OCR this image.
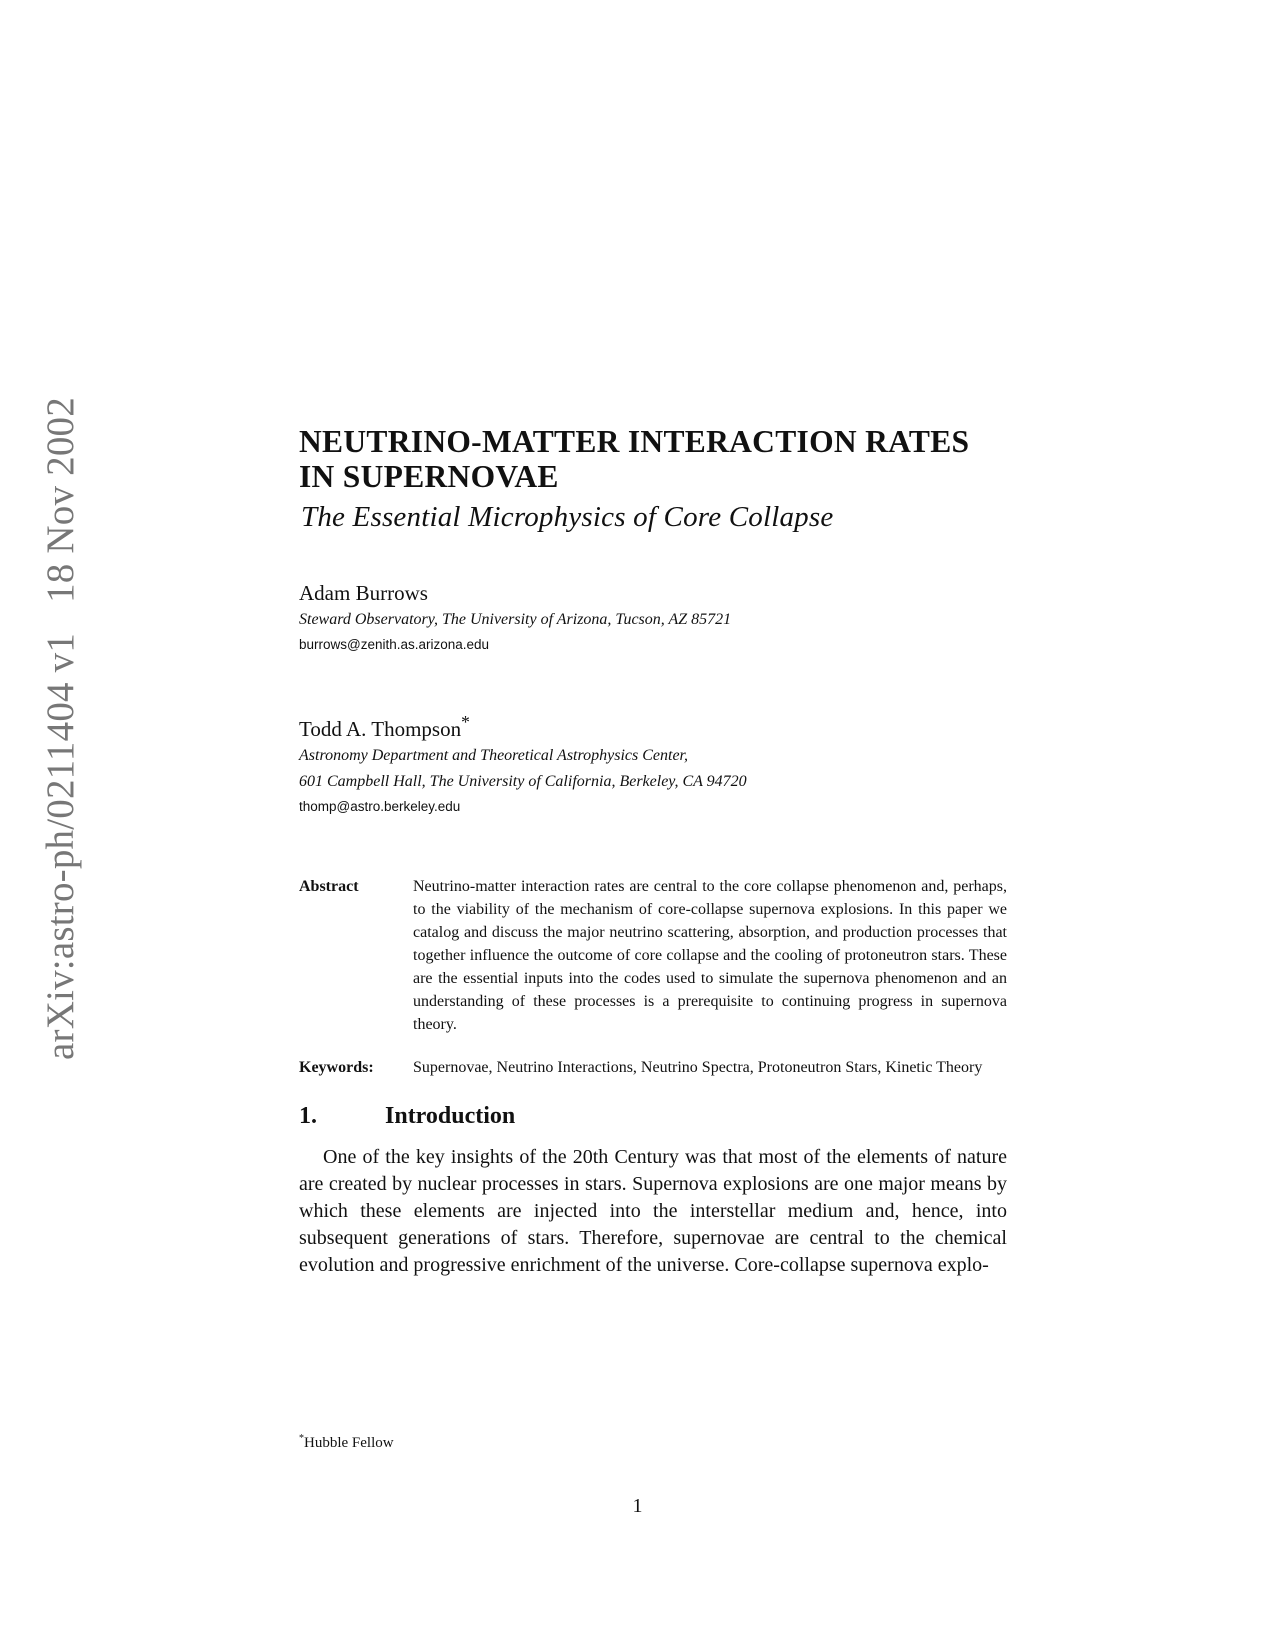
arXiv:astro-ph/0211404 v118 Nov 2002	NEUTRINO-MATTER INTERACTION RATES
IN SUPERNOVAE
The Essential Microphysics of Core Collapse
Adam Burrows
Steward Observatory, The University of Arizona, Tucson, AZ 85721
burrows@zenith.as.arizona.edu
Todd A. Thompson*
Astronomy Department and Theoretical Astrophysics Center,
601 Campbell Hall, The University of California, Berkeley, CA 94720
thomp@astro.berkeley.edu
Abstract	Neutrino-matter interaction rates are central to the core collapse phenomenon and, perhaps, to the viability of the mechanism of core-collapse supernova explosions. In this paper we catalog and discuss the major neutrino scattering, absorption, and production processes that together influence the outcome of core collapse and the cooling of protoneutron stars. These are the essential inputs into the codes used to simulate the supernova phenomenon and an understanding of these processes is a prerequisite to continuing progress in supernova theory.
Keywords:	Supernovae, Neutrino Interactions, Neutrino Spectra, Protoneutron Stars, Kinetic Theory
1.	Introduction

One of the key insights of the 20th Century was that most of the elements of nature are created by nuclear processes in stars. Supernova explosions are one major means by which these elements are injected into the interstellar medium and, hence, into subsequent generations of stars. Therefore, supernovae are central to the chemical evolution and progressive enrichment of the universe. Core-collapse supernova explo-

*Hubble Fellow
1
